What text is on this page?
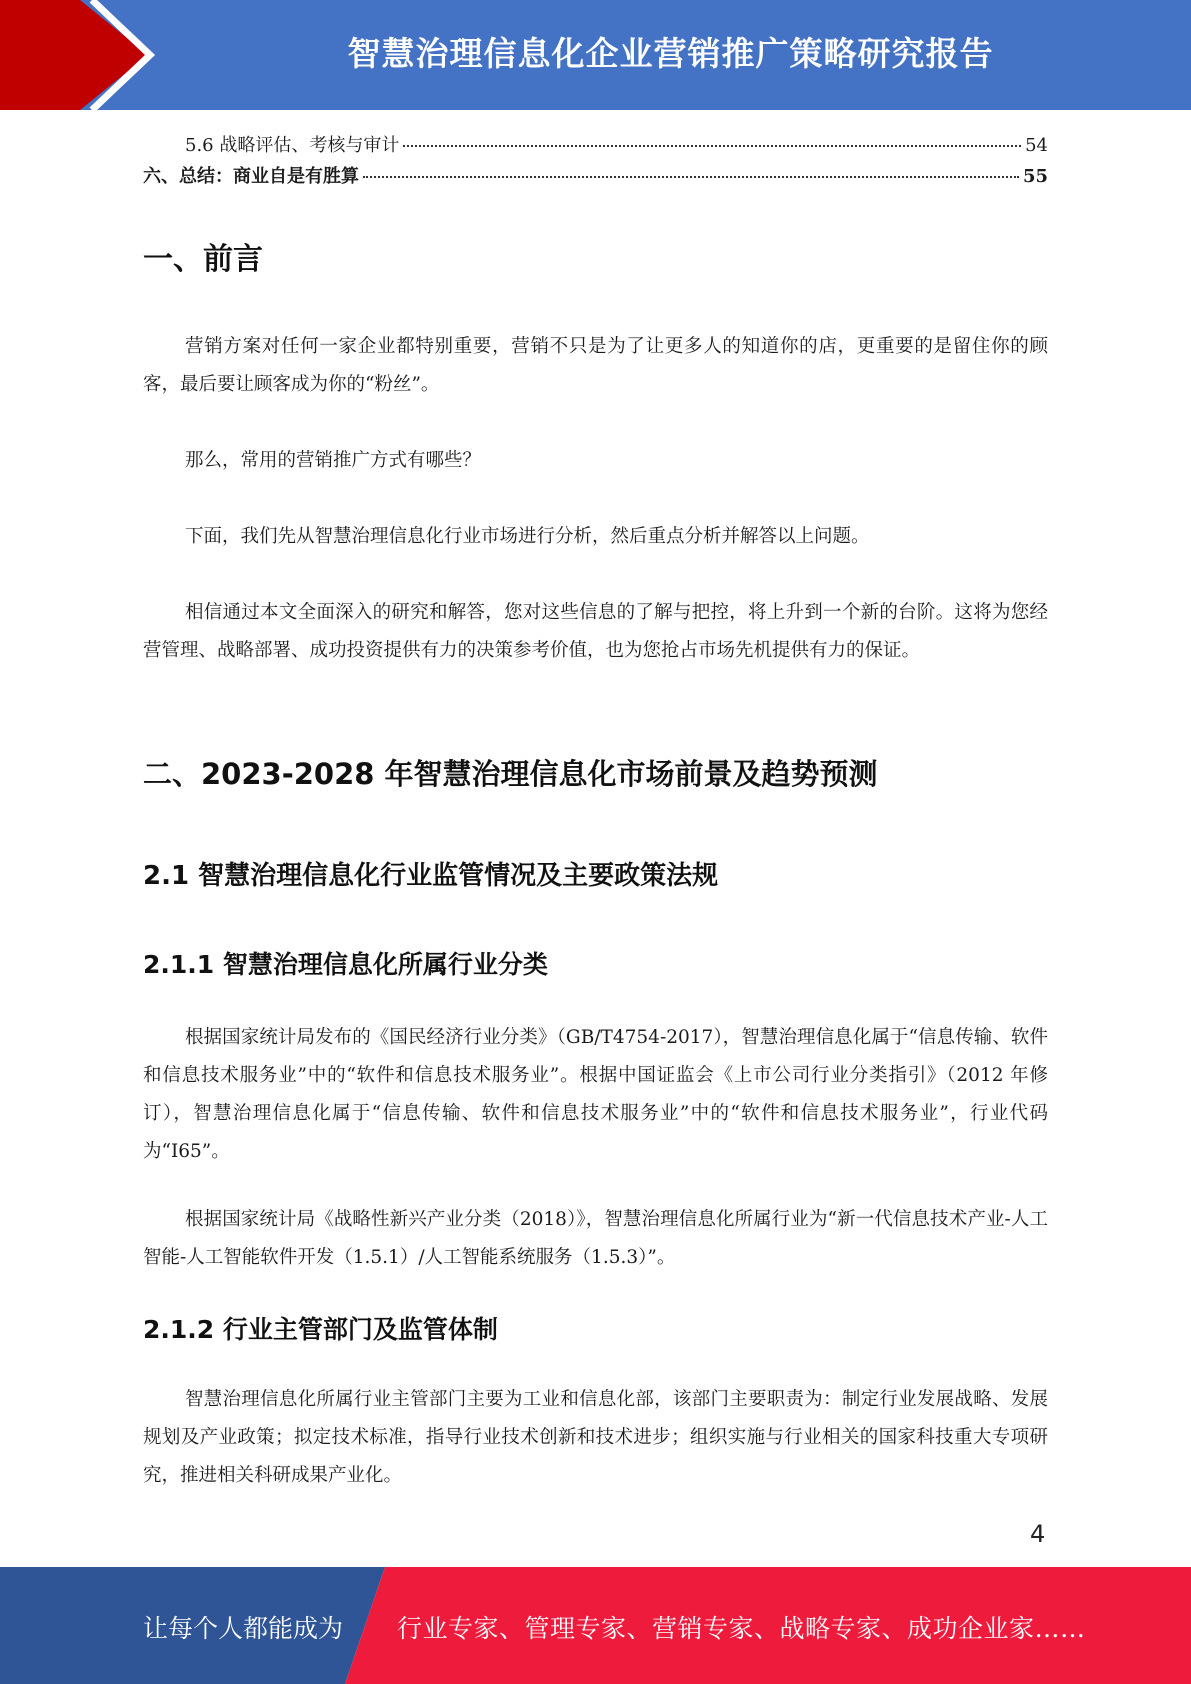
智慧治理信息化企业营销推广策略研究报告
5.6 战略评估、考核与审计	54
六、总结：商业自是有胜算	55
一、前言

营销方案对任何一家企业都特别重要，营销不只是为了让更多人的知道你的店，更重要的是留住你的顾客，最后要让顾客成为你的“粉丝”。

那么，常用的营销推广方式有哪些？

下面，我们先从智慧治理信息化行业市场进行分析，然后重点分析并解答以上问题。

相信通过本文全面深入的研究和解答，您对这些信息的了解与把控，将上升到一个新的台阶。这将为您经营管理、战略部署、成功投资提供有力的决策参考价值，也为您抢占市场先机提供有力的保证。

二、2023-2028 年智慧治理信息化市场前景及趋势预测
2.1 智慧治理信息化行业监管情况及主要政策法规
2.1.1 智慧治理信息化所属行业分类

根据国家统计局发布的《国民经济行业分类》（GB/T4754-2017），智慧治理信息化属于“信息传输、软件和信息技术服务业”中的“软件和信息技术服务业”。根据中国证监会《上市公司行业分类指引》（2012 年修订），智慧治理信息化属于“信息传输、软件和信息技术服务业”中的“软件和信息技术服务业”，行业代码为“I65”。

根据国家统计局《战略性新兴产业分类（2018）》，智慧治理信息化所属行业为“新一代信息技术产业-人工智能-人工智能软件开发（1.5.1）/人工智能系统服务（1.5.3）”。

2.1.2 行业主管部门及监管体制

智慧治理信息化所属行业主管部门主要为工业和信息化部，该部门主要职责为：制定行业发展战略、发展规划及产业政策；拟定技术标准，指导行业技术创新和技术进步；组织实施与行业相关的国家科技重大专项研究，推进相关科研成果产业化。

4
让每个人都能成为 行业专家、管理专家、营销专家、战略专家、成功企业家……
